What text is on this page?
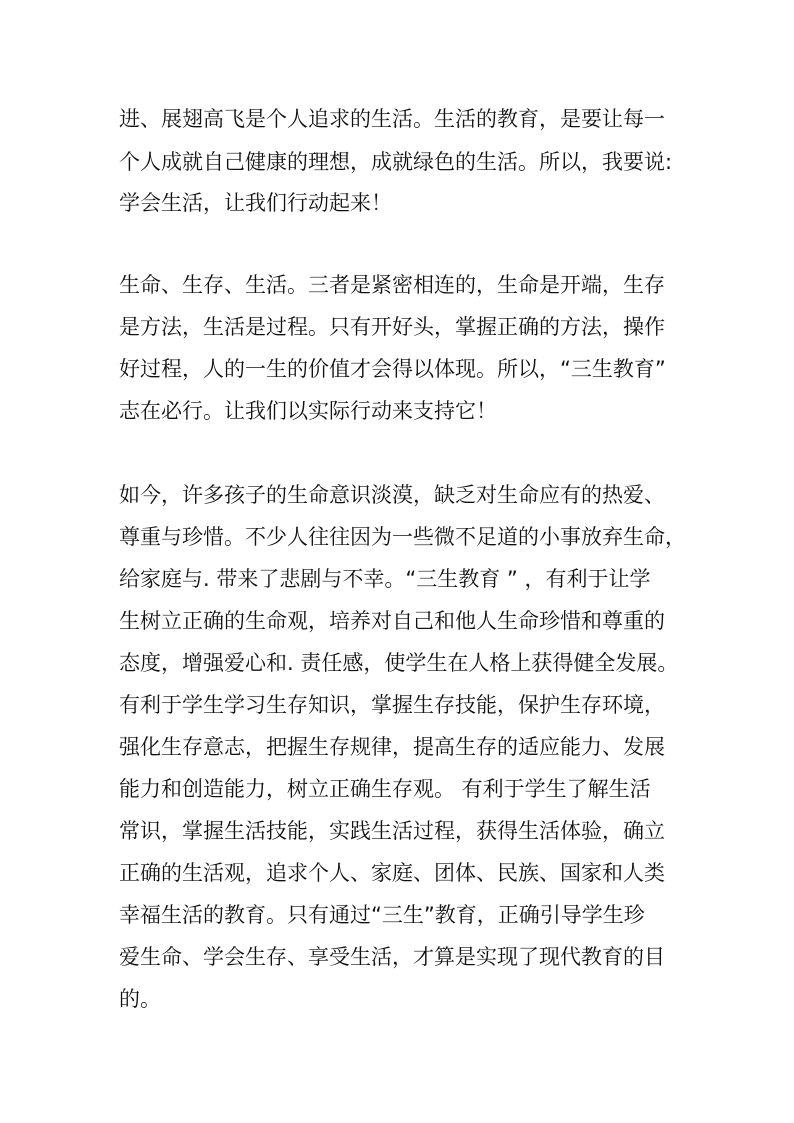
进、展翅高飞是个人追求的生活。生活的教育，是要让每一
个人成就自己健康的理想，成就绿色的生活。所以，我要说:
学会生活，让我们行动起来！
生命、生存、生活。三者是紧密相连的，生命是开端，生存
是方法，生活是过程。只有开好头，掌握正确的方法，操作
好过程，人的一生的价值才会得以体现。所以，“三生教育”
志在必行。让我们以实际行动来支持它！
如今，许多孩子的生命意识淡漠，缺乏对生命应有的热爱、
尊重与珍惜。不少人往往因为一些微不足道的小事放弃生命，
给家庭与. 带来了悲剧与不幸。“三生教育 ” ，有利于让学
生树立正确的生命观，培养对自己和他人生命珍惜和尊重的
态度，增强爱心和. 责任感，使学生在人格上获得健全发展。
有利于学生学习生存知识，掌握生存技能，保护生存环境，
强化生存意志，把握生存规律，提高生存的适应能力、发展
能力和创造能力，树立正确生存观。 有利于学生了解生活
常识，掌握生活技能，实践生活过程，获得生活体验，确立
正确的生活观，追求个人、家庭、团体、民族、国家和人类
幸福生活的教育。只有通过“三生”教育，正确引导学生珍
爱生命、学会生存、享受生活，才算是实现了现代教育的目
的。
